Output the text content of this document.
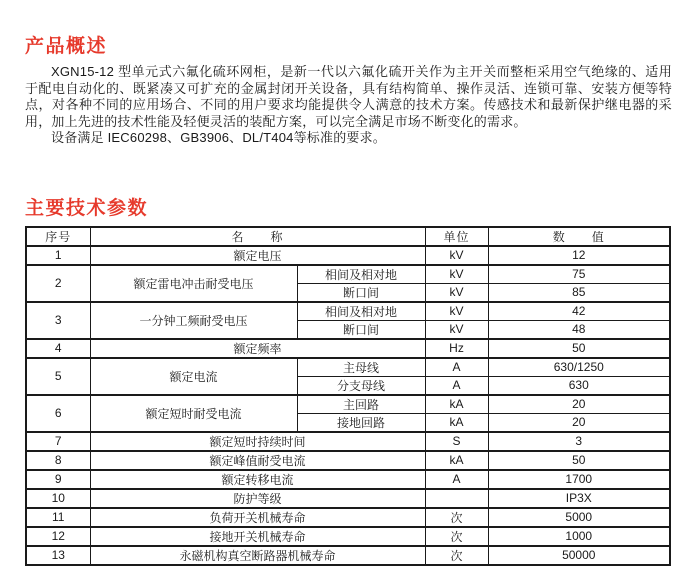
产品概述

XGN15-12 型单元式六氟化硫环网柜，是新一代以六氟化硫开关作为主开关而整柜采用空气绝缘的、适用于配电自动化的、既紧凑又可扩充的金属封闭开关设备，具有结构简单、操作灵活、连锁可靠、安装方便等特点，对各种不同的应用场合、不同的用户要求均能提供令人满意的技术方案。传感技术和最新保护继电器的采用，加上先进的技术性能及轻便灵活的装配方案，可以完全满足市场不断变化的需求。

设备满足 IEC60298、GB3906、DL/T404等标准的要求。

主要技术参数
序号	名　　称		单位	数　　值
1	额定电压		kV	12
2	额定雷电冲击耐受电压	相间及相对地	kV	75
		断口间	kV	85
3	一分钟工频耐受电压	相间及相对地	kV	42
		断口间	kV	48
4	额定频率		Hz	50
5	额定电流	主母线	A	630/1250
		分支母线	A	630
6	额定短时耐受电流	主回路	kA	20
		接地回路	kA	20
7	额定短时持续时间		S	3
8	额定峰值耐受电流		kA	50
9	额定转移电流		A	1700
10	防护等级			IP3X
11	负荷开关机械寿命		次	5000
12	接地开关机械寿命		次	1000
13	永磁机构真空断路器机械寿命		次	50000
